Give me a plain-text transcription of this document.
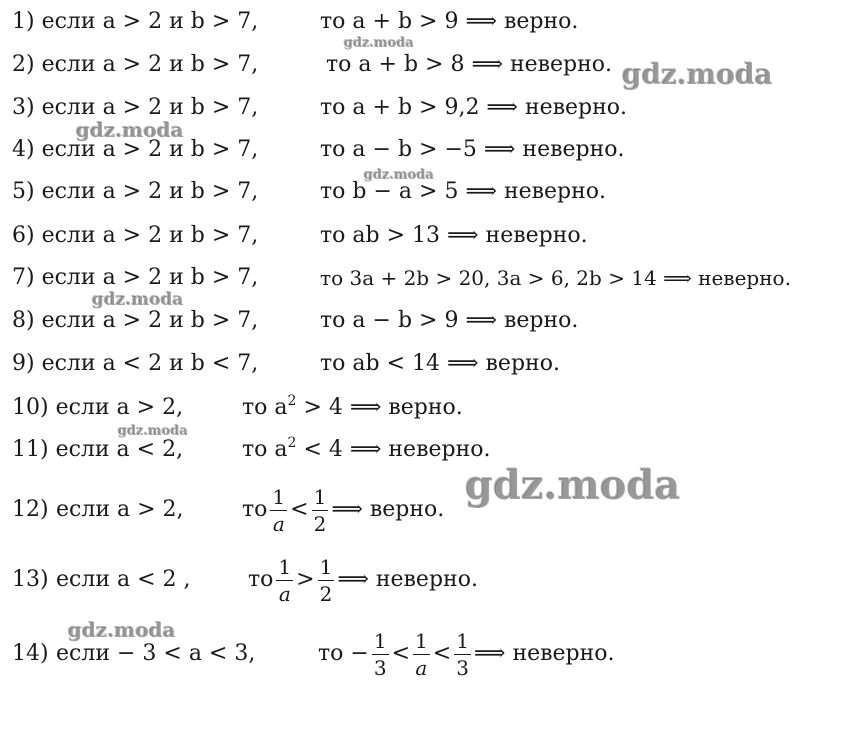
1) если a > 2 и b > 7,	то a + b > 9 ⟹ верно.
2) если a > 2 и b > 7,	то a + b > 8 ⟹ неверно.
3) если a > 2 и b > 7,	то a + b > 9,2 ⟹ неверно.
4) если a > 2 и b > 7,	то a − b > −5 ⟹ неверно.
5) если a > 2 и b > 7,	то b − a > 5 ⟹ неверно.
6) если a > 2 и b > 7,	то ab > 13 ⟹ неверно.
7) если a > 2 и b > 7,	то 3a + 2b > 20, 3a > 6, 2b > 14 ⟹ неверно.
8) если a > 2 и b > 7,	то a − b > 9 ⟹ верно.
9) если a < 2 и b < 7,	то ab < 14 ⟹ верно.
10) если a > 2,	то $a^2 > 4$ ⟹ верно.
11) если a < 2,	то $a^2 < 4$ ⟹ неверно.
12) если a > 2,	то $\frac{1}{a} < \frac{1}{2}$ ⟹ верно.
13) если a < 2 ,	то $\frac{1}{a} > \frac{1}{2}$ ⟹ неверно.
14) если − 3 < a < 3,	то − $\frac{1}{3} < \frac{1}{a} < \frac{1}{3}$ ⟹ неверно.
gdz.moda
gdz.moda
gdz.moda
gdz.moda
gdz.moda
gdz.moda
gdz.moda
gdz.moda
